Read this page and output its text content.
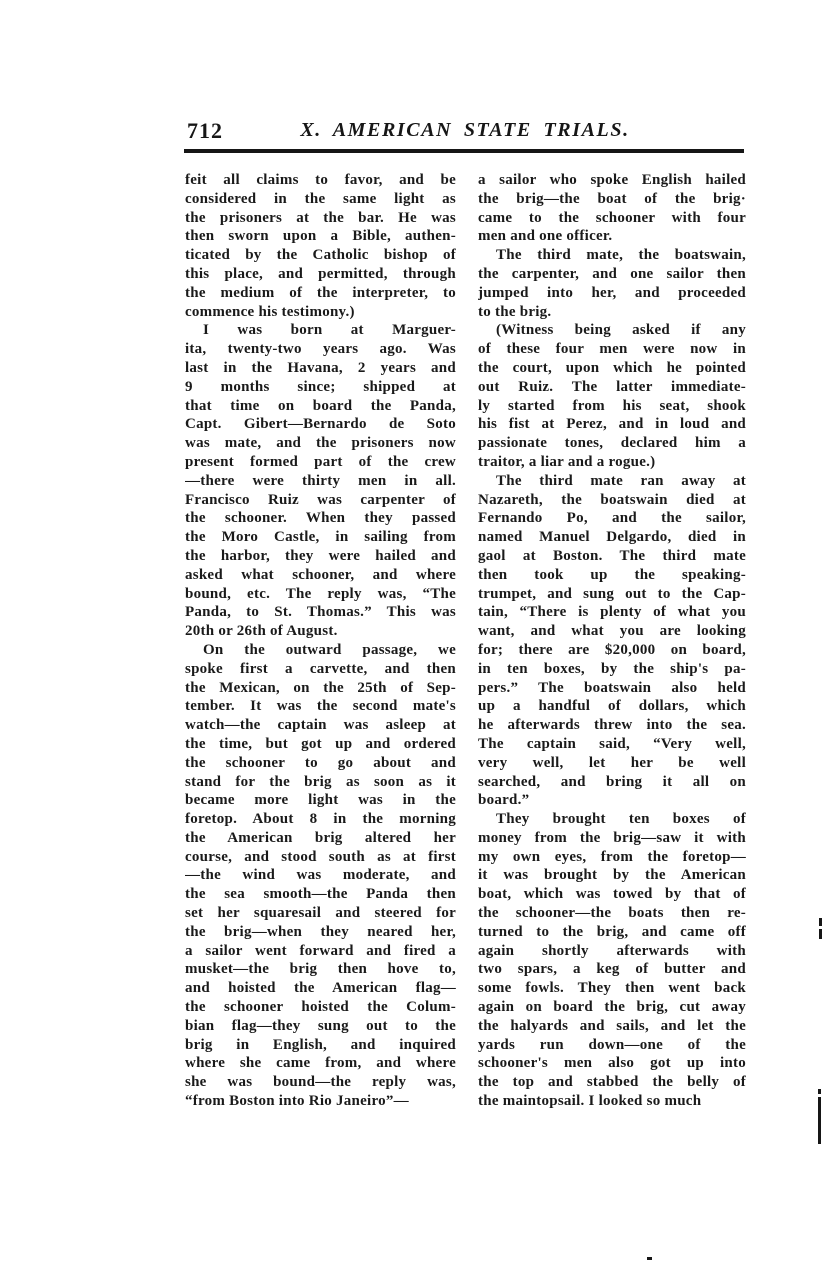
712	X. AMERICAN STATE TRIALS.
feit all claims to favor, and be
considered in the same light as
the prisoners at the bar. He was
then sworn upon a Bible, authen-
ticated by the Catholic bishop of
this place, and permitted, through
the medium of the interpreter, to
commence his testimony.)
I was born at Marguer-
ita, twenty-two years ago. Was
last in the Havana, 2 years and
9 months since; shipped at
that time on board the Panda,
Capt. Gibert—Bernardo de Soto
was mate, and the prisoners now
present formed part of the crew
—there were thirty men in all.
Francisco Ruiz was carpenter of
the schooner. When they passed
the Moro Castle, in sailing from
the harbor, they were hailed and
asked what schooner, and where
bound, etc. The reply was, “The
Panda, to St. Thomas.” This was
20th or 26th of August.
On the outward passage, we
spoke first a carvette, and then
the Mexican, on the 25th of Sep-
tember. It was the second mate's
watch—the captain was asleep at
the time, but got up and ordered
the schooner to go about and
stand for the brig as soon as it
became more light was in the
foretop. About 8 in the morning
the American brig altered her
course, and stood south as at first
—the wind was moderate, and
the sea smooth—the Panda then
set her squaresail and steered for
the brig—when they neared her,
a sailor went forward and fired a
musket—the brig then hove to,
and hoisted the American flag—
the schooner hoisted the Colum-
bian flag—they sung out to the
brig in English, and inquired
where she came from, and where
she was bound—the reply was,
“from Boston into Rio Janeiro”—
a sailor who spoke English hailed
the brig—the boat of the brig·
came to the schooner with four
men and one officer.
The third mate, the boatswain,
the carpenter, and one sailor then
jumped into her, and proceeded
to the brig.
(Witness being asked if any
of these four men were now in
the court, upon which he pointed
out Ruiz. The latter immediate-
ly started from his seat, shook
his fist at Perez, and in loud and
passionate tones, declared him a
traitor, a liar and a rogue.)
The third mate ran away at
Nazareth, the boatswain died at
Fernando Po, and the sailor,
named Manuel Delgardo, died in
gaol at Boston. The third mate
then took up the speaking-
trumpet, and sung out to the Cap-
tain, “There is plenty of what you
want, and what you are looking
for; there are $20,000 on board,
in ten boxes, by the ship's pa-
pers.” The boatswain also held
up a handful of dollars, which
he afterwards threw into the sea.
The captain said, “Very well,
very well, let her be well
searched, and bring it all on
board.”
They brought ten boxes of
money from the brig—saw it with
my own eyes, from the foretop—
it was brought by the American
boat, which was towed by that of
the schooner—the boats then re-
turned to the brig, and came off
again shortly afterwards with
two spars, a keg of butter and
some fowls. They then went back
again on board the brig, cut away
the halyards and sails, and let the
yards run down—one of the
schooner's men also got up into
the top and stabbed the belly of
the maintopsail. I looked so much
